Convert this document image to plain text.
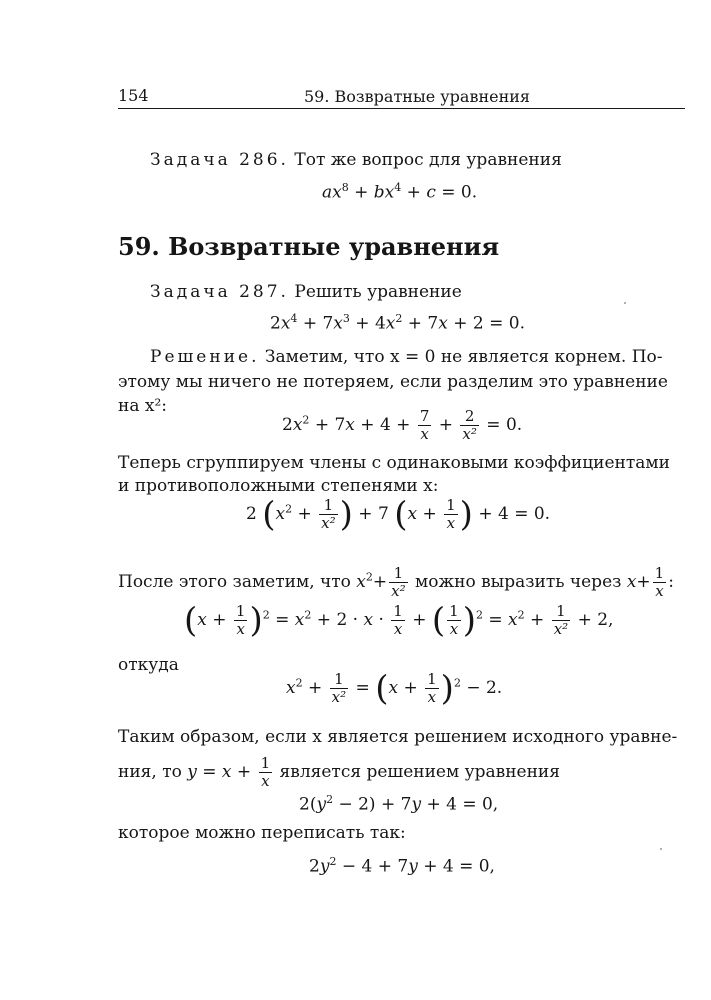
154	59. Возвратные уравнения
Задача 286. Тот же вопрос для уравнения
$ax^8 + bx^4 + c = 0$.
59. Возвратные уравнения
Задача 287. Решить уравнение
$2x^4 + 7x^3 + 4x^2 + 7x + 2 = 0$.
Решение. Заметим, что x = 0 не является корнем. По-
этому мы ничего не потеряем, если разделим это уравнение
на x²:
$2x^2 + 7x + 4 + \frac{7}{x} + \frac{2}{\text{x²}} = 0$.
Теперь сгруппируем члены с одинаковыми коэффициентами
и противоположными степенями x:
2 ($x^2 + \frac{1}{\text{x²}}$ ) + 7 ($x + \frac{1}{x}$ ) + 4 = 0.
После этого заметим, что $x^2+ \frac{1}{\text{x²}}$ можно выразить через $x+ \frac{1}{x}$ :
$(x + \frac{1}{x} )^2 = x^2 + 2 \cdot x \cdot \frac{1}{x}$ + ( $\frac{1}{x} )^2 = x^2 + \frac{1}{\text{x²}} + 2$,
откуда
$x^2 + \frac{1}{\text{x²}} = (x + \frac{1}{x} )^2 - 2$.
Таким образом, если x является решением исходного уравне-
ния, то $y = x + \frac{1}{x}$ является решением уравнения
$2(y^2 - 2) + 7y + 4 = 0$,
которое можно переписать так:
$2y^2 - 4 + 7y + 4 = 0$,
